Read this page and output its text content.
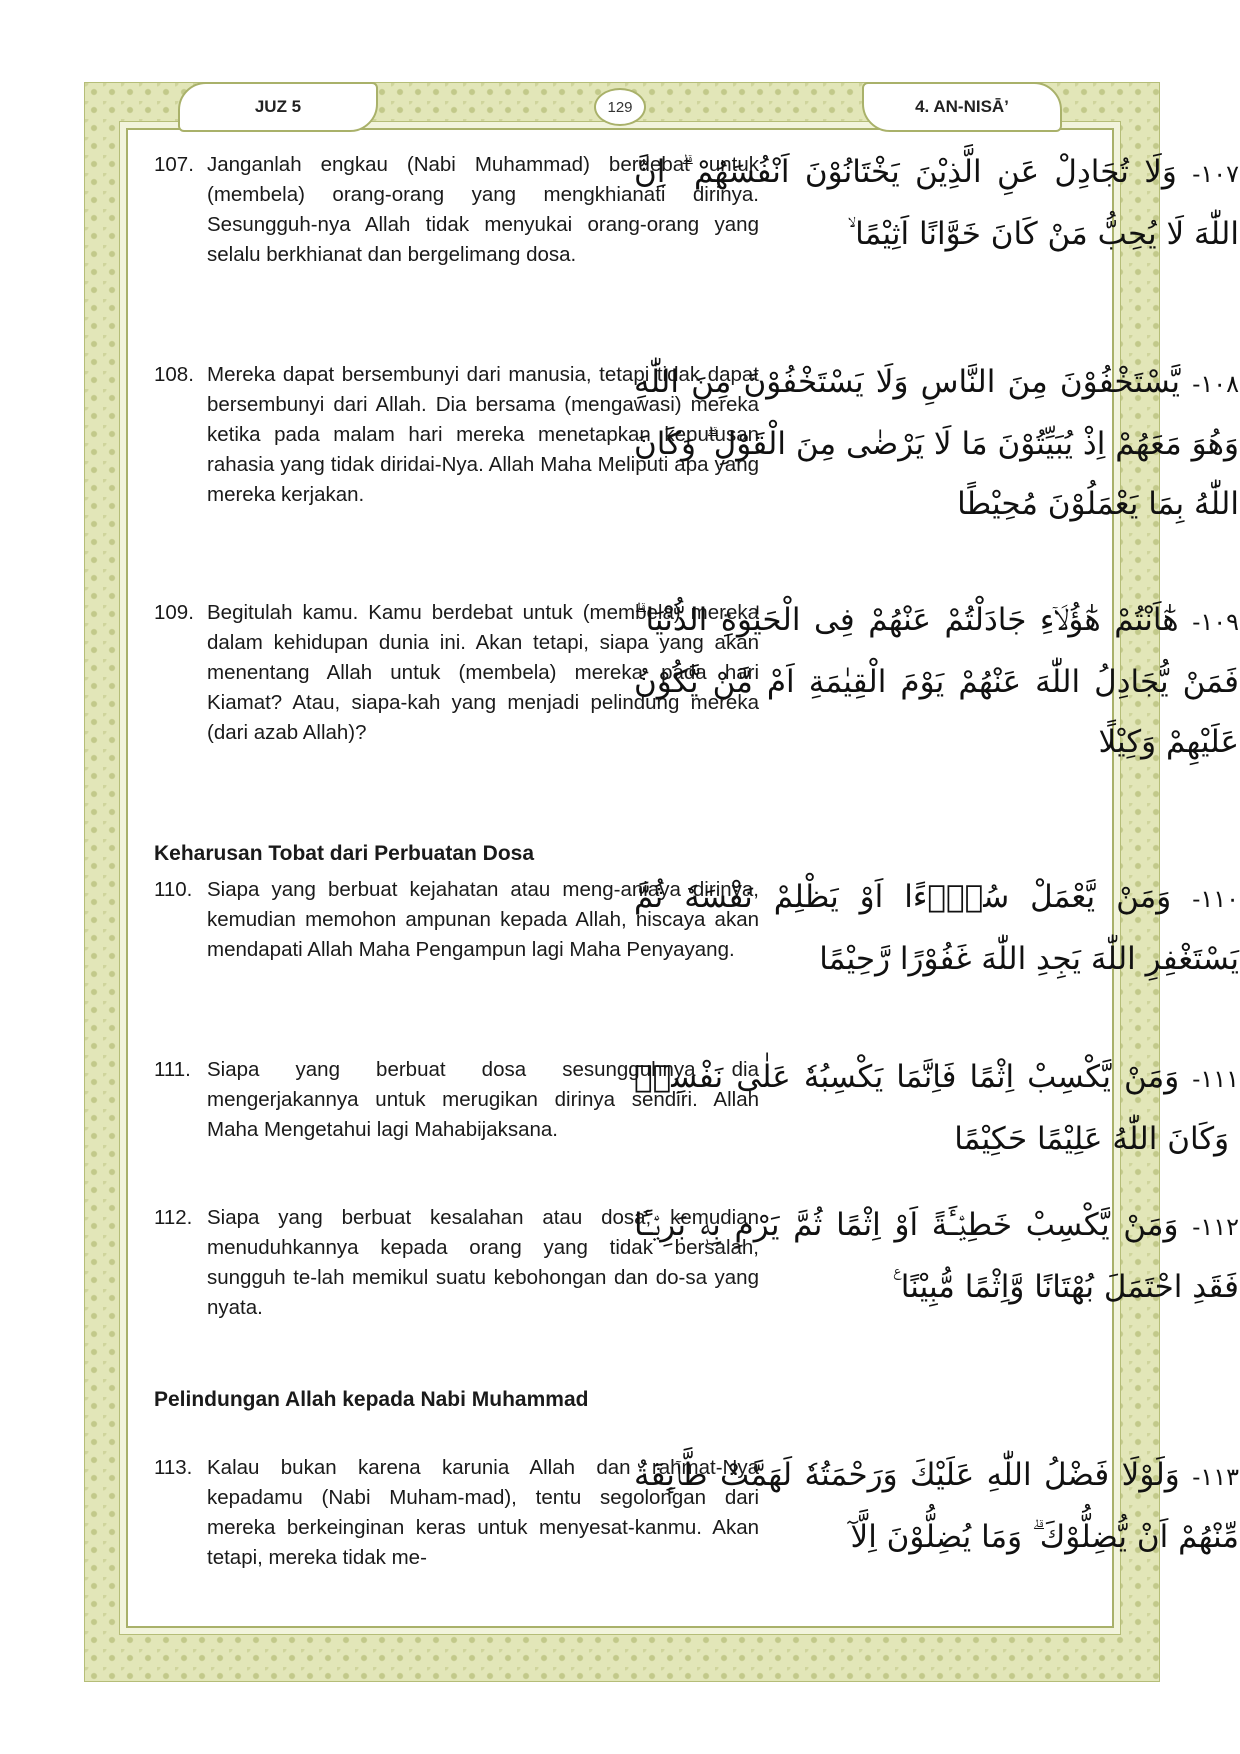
JUZ 5	129	4. AN-NISĀ’
107. Janganlah engkau (Nabi Muhammad) berdebat untuk (membela) orang-orang yang mengkhianati dirinya. Sesungguh-nya Allah tidak menyukai orang-orang yang selalu berkhianat dan bergelimang dosa.
١٠٧- وَلَا تُجَادِلْ عَنِ الَّذِيْنَ يَخْتَانُوْنَ اَنْفُسَهُمْ ۗ اِنَّ اللّٰهَ لَا يُحِبُّ مَنْ كَانَ خَوَّانًا اَثِيْمًا ۙ
108. Mereka dapat bersembunyi dari manusia, tetapi tidak dapat bersembunyi dari Allah. Dia bersama (mengawasi) mereka ketika pada malam hari mereka menetapkan keputusan rahasia yang tidak diridai-Nya. Allah Maha Meliputi apa yang mereka kerjakan.
١٠٨- يَّسْتَخْفُوْنَ مِنَ النَّاسِ وَلَا يَسْتَخْفُوْنَ مِنَ اللّٰهِ وَهُوَ مَعَهُمْ اِذْ يُبَيِّتُوْنَ مَا لَا يَرْضٰى مِنَ الْقَوْلِ ۗ وَكَانَ اللّٰهُ بِمَا يَعْمَلُوْنَ مُحِيْطًا
109. Begitulah kamu. Kamu berdebat untuk (membela) mereka dalam kehidupan dunia ini. Akan tetapi, siapa yang akan menentang Allah untuk (membela) mereka pada hari Kiamat? Atau, siapa-kah yang menjadi pelindung mereka (dari azab Allah)?
١٠٩- هٰٓاَنْتُمْ هٰٓؤُلَاۤءِ جَادَلْتُمْ عَنْهُمْ فِى الْحَيٰوةِ الدُّنْيَا ۗ فَمَنْ يُّجَادِلُ اللّٰهَ عَنْهُمْ يَوْمَ الْقِيٰمَةِ اَمْ مَّنْ يَّكُوْنُ عَلَيْهِمْ وَكِيْلًا
Keharusan Tobat dari Perbuatan Dosa
110. Siapa yang berbuat kejahatan atau meng-aniaya dirinya, kemudian memohon ampunan kepada Allah, niscaya akan mendapati Allah Maha Pengampun lagi Maha Penyayang.
١١٠- وَمَنْ يَّعْمَلْ سُوْۤءًا اَوْ يَظْلِمْ نَفْسَهٗ ثُمَّ يَسْتَغْفِرِ اللّٰهَ يَجِدِ اللّٰهَ غَفُوْرًا رَّحِيْمًا
111. Siapa yang berbuat dosa sesungguhnya dia mengerjakannya untuk merugikan dirinya sendiri. Allah Maha Mengetahui lagi Mahabijaksana.
١١١- وَمَنْ يَّكْسِبْ اِثْمًا فَاِنَّمَا يَكْسِبُهٗ عَلٰى نَفْسِهٖ ۗ وَكَانَ اللّٰهُ عَلِيْمًا حَكِيْمًا
112. Siapa yang berbuat kesalahan atau dosa, kemudian menuduhkannya kepada orang yang tidak bersalah, sungguh te-lah memikul suatu kebohongan dan do-sa yang nyata.
١١٢- وَمَنْ يَّكْسِبْ خَطِيْۤـَٔةً اَوْ اِثْمًا ثُمَّ يَرْمِ بِهٖ بَرِيْۤـًٔا فَقَدِ احْتَمَلَ بُهْتَانًا وَّاِثْمًا مُّبِيْنًا ࣖ
Pelindungan Allah kepada Nabi Muhammad
113. Kalau bukan karena karunia Allah dan rahmat-Nya kepadamu (Nabi Muham-mad), tentu segolongan dari mereka berkeinginan keras untuk menyesat-kanmu. Akan tetapi, mereka tidak me-
١١٣- وَلَوْلَا فَضْلُ اللّٰهِ عَلَيْكَ وَرَحْمَتُهٗ لَهَمَّتْ طَّاۤىِٕفَةٌ مِّنْهُمْ اَنْ يُّضِلُّوْكَ ۗ وَمَا يُضِلُّوْنَ اِلَّآ
